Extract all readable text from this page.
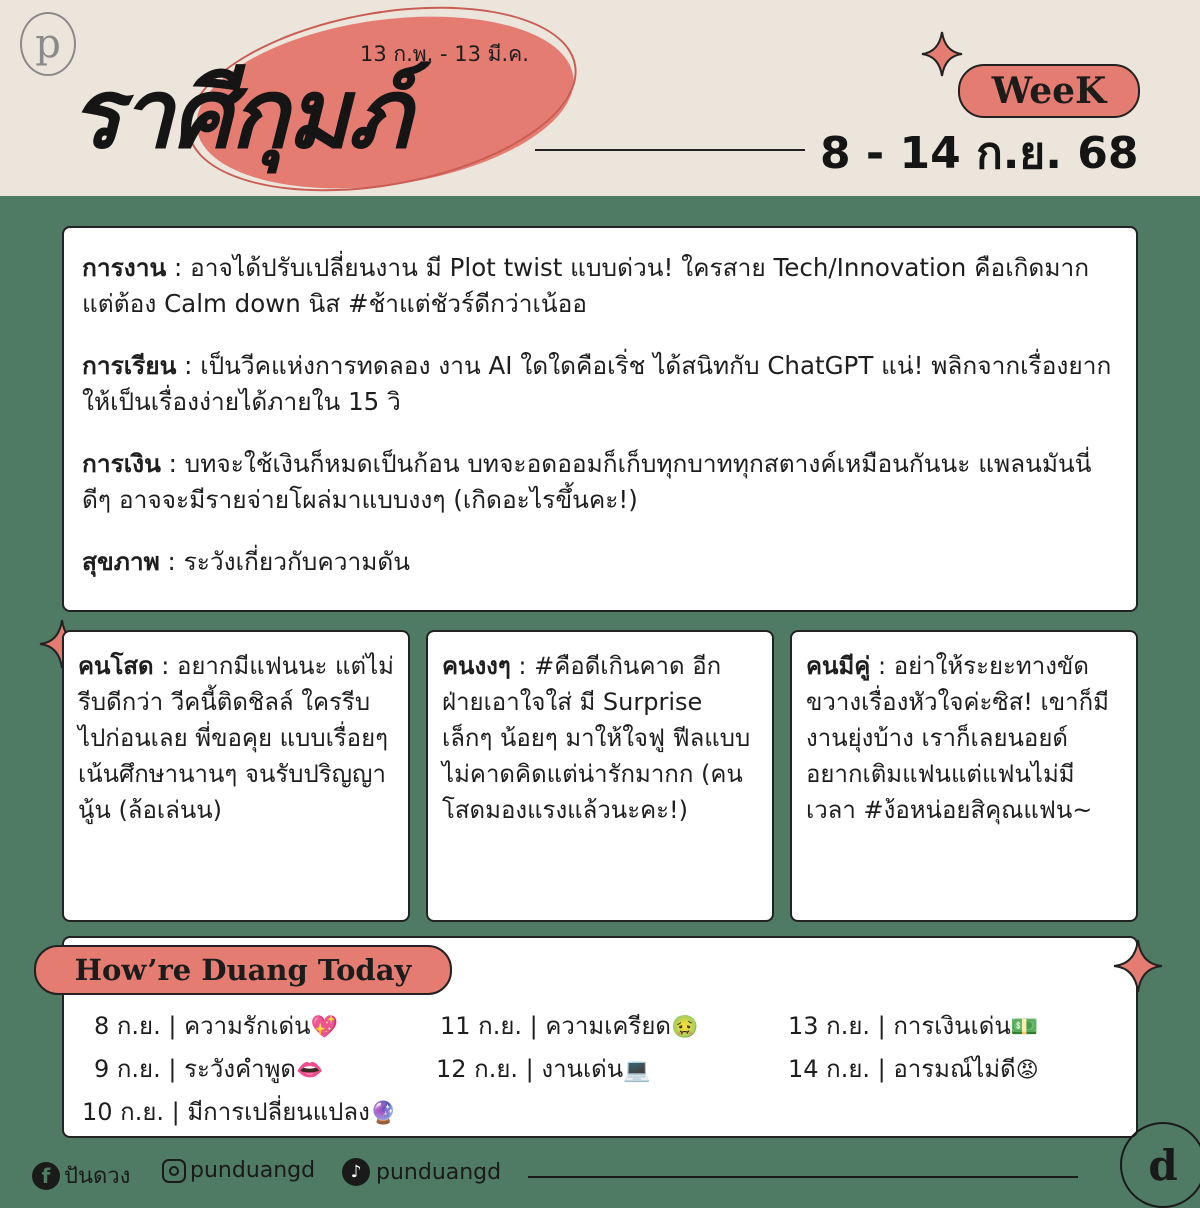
p	13 ก.พ. - 13 มี.ค.
ราศีกุมภ์	WeeK
8 - 14 ก.ย. 68

การงาน : อาจได้ปรับเปลี่ยนงาน มี Plot twist แบบด่วน! ใครสาย Tech/Innovation คือเกิดมาก แต่ต้อง Calm down นิส #ช้าแต่ชัวร์ดีกว่าเน้ออ

การเรียน : เป็นวีคแห่งการทดลอง งาน AI ใดใดคือเริ่ช ได้สนิทกับ ChatGPT แน่! พลิกจากเรื่องยากให้เป็นเรื่องง่ายได้ภายใน 15 วิ

การเงิน : บทจะใช้เงินก็หมดเป็นก้อน บทจะอดออมก็เก็บทุกบาททุกสตางค์เหมือนกันนะ แพลนมันนี่ดีๆ อาจจะมีรายจ่ายโผล่มาแบบงงๆ (เกิดอะไรขึ้นคะ!)

สุขภาพ : ระวังเกี่ยวกับความดัน

คนโสด : อยากมีแฟนนะ แต่ไม่รีบดีกว่า วีคนี้ติดชิลล์ ใครรีบไปก่อนเลย พี่ขอคุย แบบเรื่อยๆ เน้นศึกษานานๆ จนรับปริญญานู้น (ล้อเล่นน)

คนงงๆ : #คือดีเกินคาด อีกฝ่ายเอาใจใส่ มี Surprise เล็กๆ น้อยๆ มาให้ใจฟู ฟีลแบบไม่คาดคิดแต่น่ารักมากก (คนโสดมองแรงแล้วนะคะ!)

คนมีคู่ : อย่าให้ระยะทางขัดขวางเรื่องหัวใจค่ะซิส! เขาก็มีงานยุ่งบ้าง เราก็เลยนอยด์ อยากเติมแฟนแต่แฟนไม่มีเวลา #ง้อหน่อยสิคุณแฟน~

How’re Duang Today
8 ก.ย. | ความรักเด่น💖
9 ก.ย. | ระวังคำพูด👄
10 ก.ย. | มีการเปลี่ยนแปลง🔮
11 ก.ย. | ความเครียด🤢
12 ก.ย. | งานเด่น💻
13 ก.ย. | การเงินเด่น💵
14 ก.ย. | อารมณ์ไม่ดี😡
f ปันดวง	punduangd	♪ punduangd	d
